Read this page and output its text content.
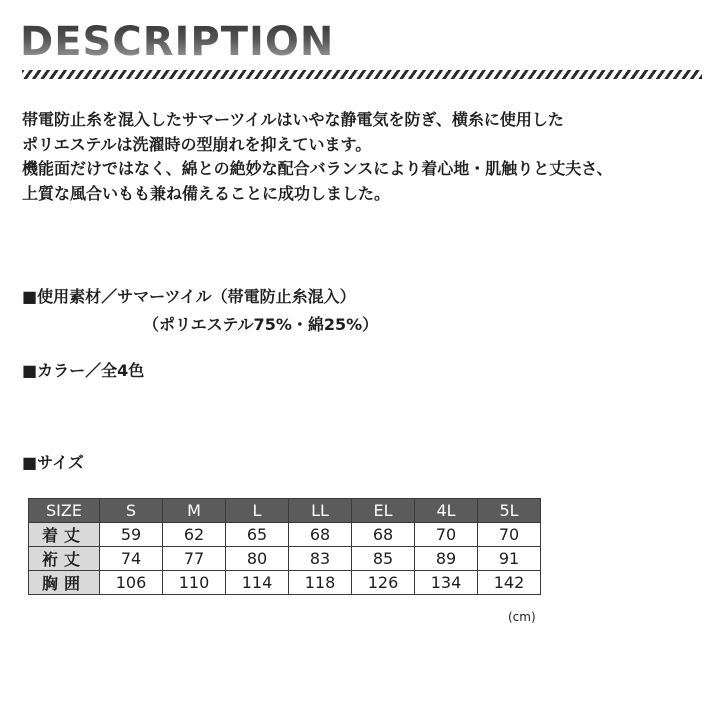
DESCRIPTION
帯電防止糸を混入したサマーツイルはいやな静電気を防ぎ、横糸に使用した
ポリエステルは洗濯時の型崩れを抑えています。
機能面だけではなく、綿との絶妙な配合バランスにより着心地・肌触りと丈夫さ、
上質な風合いもも兼ね備えることに成功しました。
■使用素材／サマーツイル（帯電防止糸混入）
（ポリエステル75%・綿25%）
■カラー／全4色
■サイズ
SIZE	S	M	L	LL	EL	4L	5L
着丈	59	62	65	68	68	70	70
裄丈	74	77	80	83	85	89	91
胸囲	106	110	114	118	126	134	142
(cm)
